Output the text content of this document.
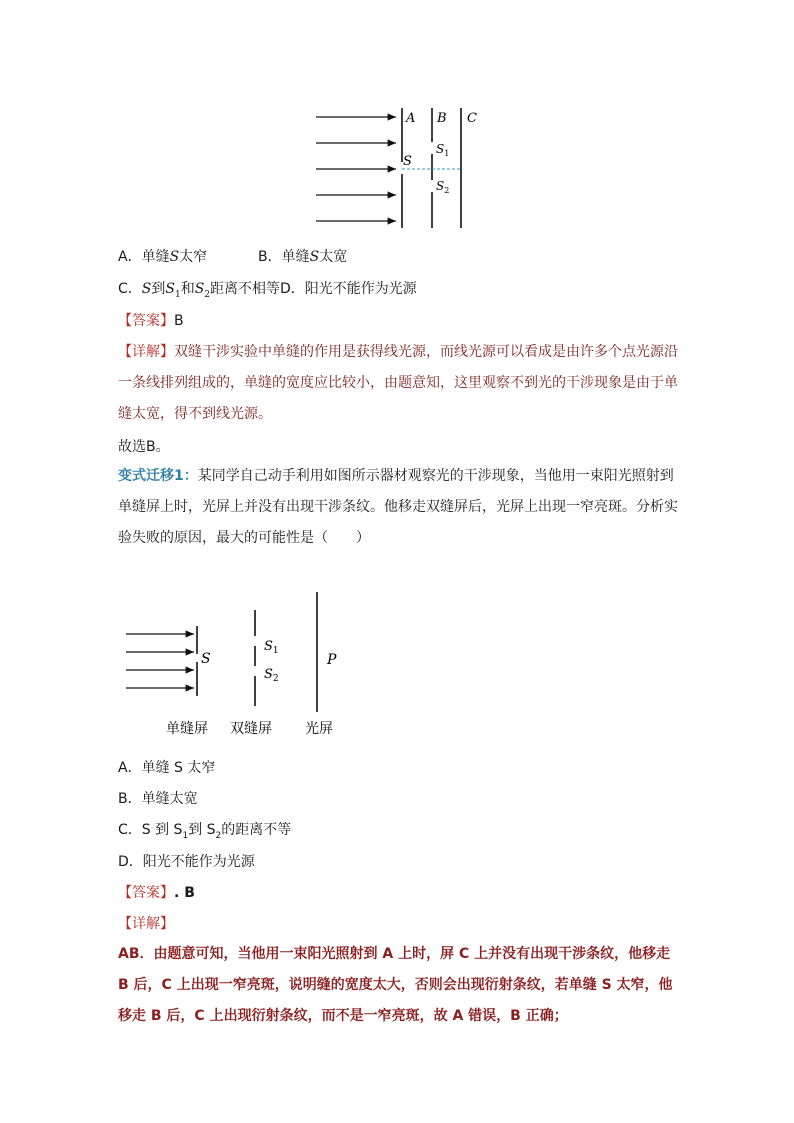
A B C
S
$S_1$
$S_2$
A．单缝S太窄	B．单缝S太宽
C．S到$S_1$和$S_2$距离不相等D．阳光不能作为光源
【答案】B
【详解】双缝干涉实验中单缝的作用是获得线光源，而线光源可以看成是由许多个点光源沿一条线排列组成的，单缝的宽度应比较小，由题意知，这里观察不到光的干涉现象是由于单缝太宽，得不到线光源。
故选B。
变式迁移1：某同学自己动手利用如图所示器材观察光的干涉现象，当他用一束阳光照射到单缝屏上时，光屏上并没有出现干涉条纹。他移走双缝屏后，光屏上出现一窄亮斑。分析实验失败的原因，最大的可能性是（　　）
S
$S_1$
$S_2$
P
单缝屏 双缝屏 光屏
A．单缝 S 太窄
B．单缝太宽
C．S 到 $S_1$到 $S_2$的距离不等
D．阳光不能作为光源
【答案】. B
【详解】
AB．由题意可知，当他用一束阳光照射到 A 上时，屏 C 上并没有出现干涉条纹，他移走 B 后，C 上出现一窄亮斑，说明缝的宽度太大，否则会出现衍射条纹，若单缝 S 太窄，他移走 B 后，C 上出现衍射条纹，而不是一窄亮斑，故 A 错误，B 正确；
